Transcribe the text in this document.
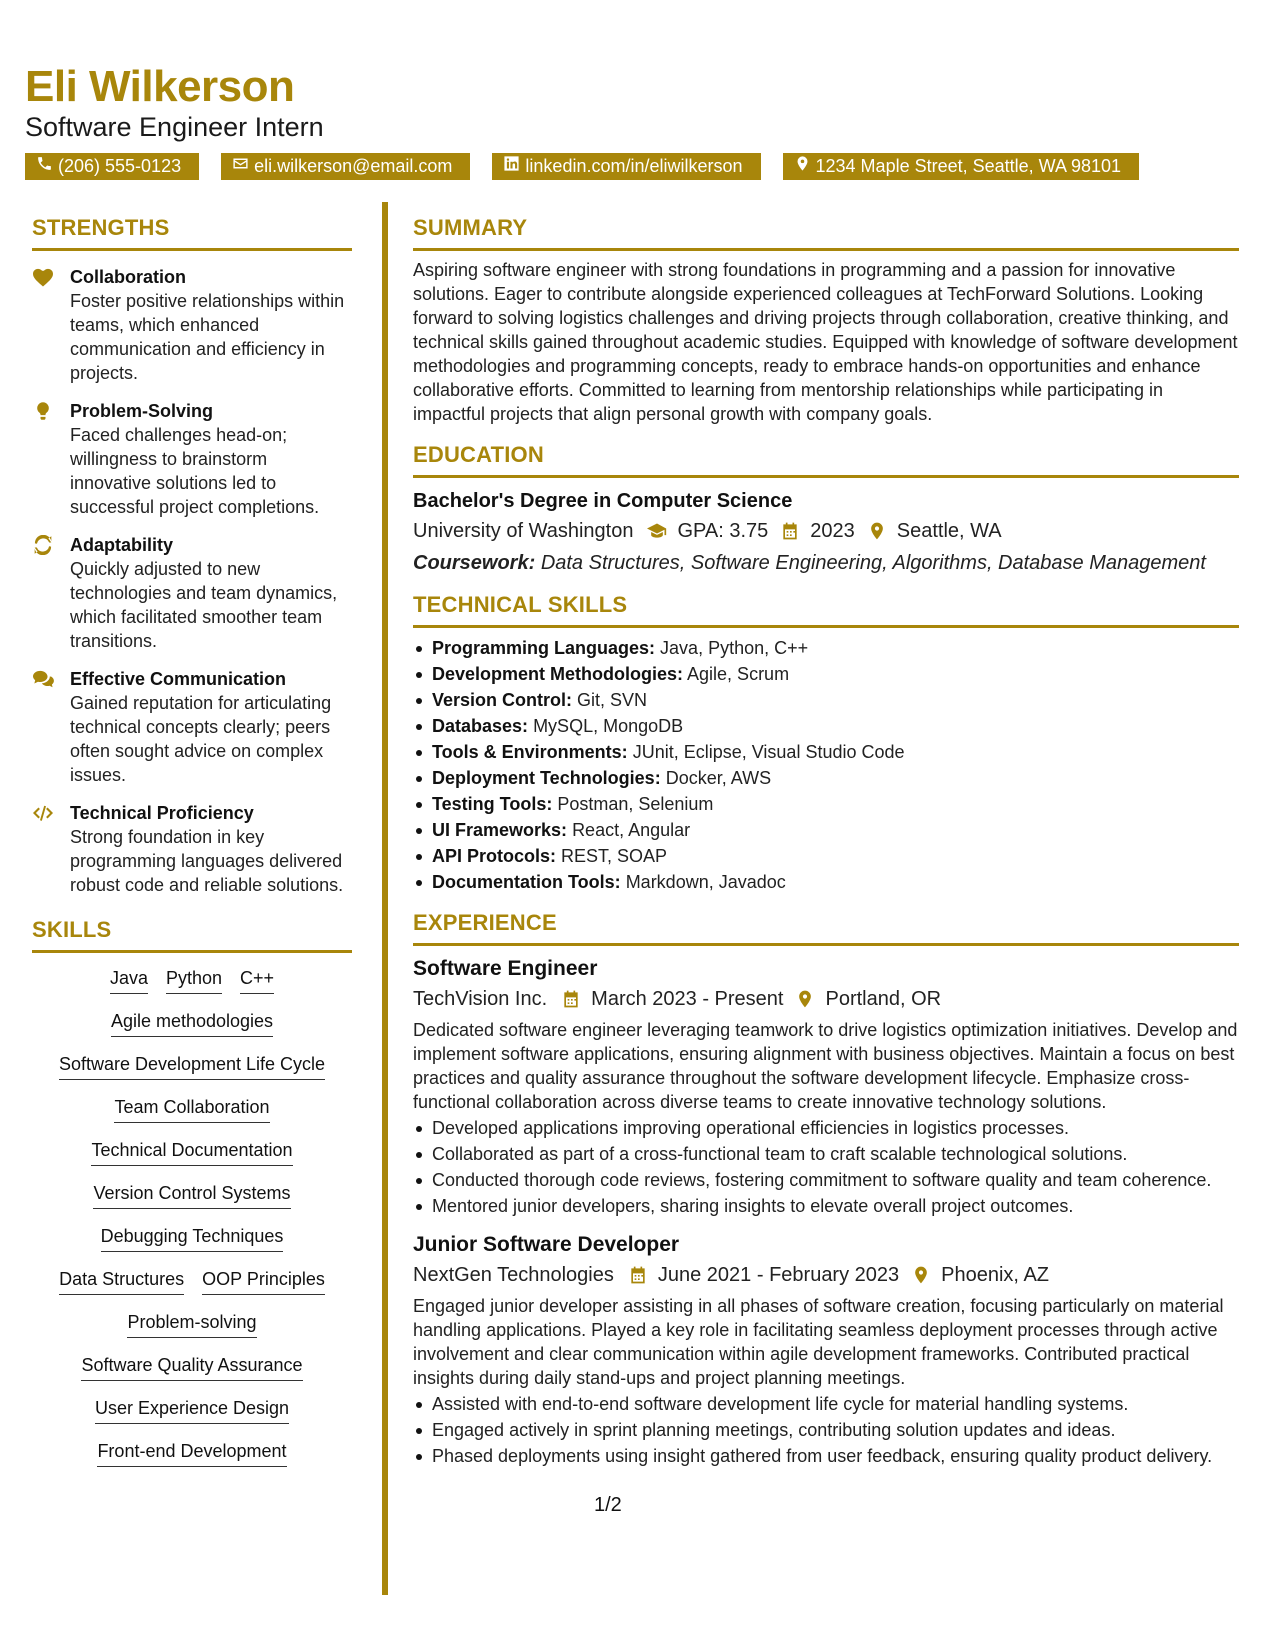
Eli Wilkerson
Software Engineer Intern
(206) 555-0123	eli.wilkerson@email.com	linkedin.com/in/eliwilkerson	1234 Maple Street, Seattle, WA 98101
STRENGTHS
Collaboration
Foster positive relationships within teams, which enhanced communication and efficiency in projects.
Problem-Solving
Faced challenges head-on; willingness to brainstorm innovative solutions led to successful project completions.
Adaptability
Quickly adjusted to new technologies and team dynamics, which facilitated smoother team transitions.
Effective Communication
Gained reputation for articulating technical concepts clearly; peers often sought advice on complex issues.
Technical Proficiency
Strong foundation in key programming languages delivered robust code and reliable solutions.
SKILLS
Java Python C++
Agile methodologies
Software Development Life Cycle
Team Collaboration
Technical Documentation
Version Control Systems
Debugging Techniques
Data Structures OOP Principles
Problem-solving
Software Quality Assurance
User Experience Design
Front-end Development
SUMMARY
Aspiring software engineer with strong foundations in programming and a passion for innovative solutions. Eager to contribute alongside experienced colleagues at TechForward Solutions. Looking forward to solving logistics challenges and driving projects through collaboration, creative thinking, and technical skills gained throughout academic studies. Equipped with knowledge of software development methodologies and programming concepts, ready to embrace hands-on opportunities and enhance collaborative efforts. Committed to learning from mentorship relationships while participating in impactful projects that align personal growth with company goals.
EDUCATION
Bachelor's Degree in Computer Science
University of Washington GPA: 3.75 2023 Seattle, WA
Coursework: Data Structures, Software Engineering, Algorithms, Database Management
TECHNICAL SKILLS
Programming Languages: Java, Python, C++
Development Methodologies: Agile, Scrum
Version Control: Git, SVN
Databases: MySQL, MongoDB
Tools & Environments: JUnit, Eclipse, Visual Studio Code
Deployment Technologies: Docker, AWS
Testing Tools: Postman, Selenium
UI Frameworks: React, Angular
API Protocols: REST, SOAP
Documentation Tools: Markdown, Javadoc
EXPERIENCE
Software Engineer
TechVision Inc. March 2023 - Present Portland, OR
Dedicated software engineer leveraging teamwork to drive logistics optimization initiatives. Develop and implement software applications, ensuring alignment with business objectives. Maintain a focus on best practices and quality assurance throughout the software development lifecycle. Emphasize cross-functional collaboration across diverse teams to create innovative technology solutions.
Developed applications improving operational efficiencies in logistics processes.
Collaborated as part of a cross-functional team to craft scalable technological solutions.
Conducted thorough code reviews, fostering commitment to software quality and team coherence.
Mentored junior developers, sharing insights to elevate overall project outcomes.
Junior Software Developer
NextGen Technologies June 2021 - February 2023 Phoenix, AZ
Engaged junior developer assisting in all phases of software creation, focusing particularly on material handling applications. Played a key role in facilitating seamless deployment processes through active involvement and clear communication within agile development frameworks. Contributed practical insights during daily stand-ups and project planning meetings.
Assisted with end-to-end software development life cycle for material handling systems.
Engaged actively in sprint planning meetings, contributing solution updates and ideas.
Phased deployments using insight gathered from user feedback, ensuring quality product delivery.
1/2
